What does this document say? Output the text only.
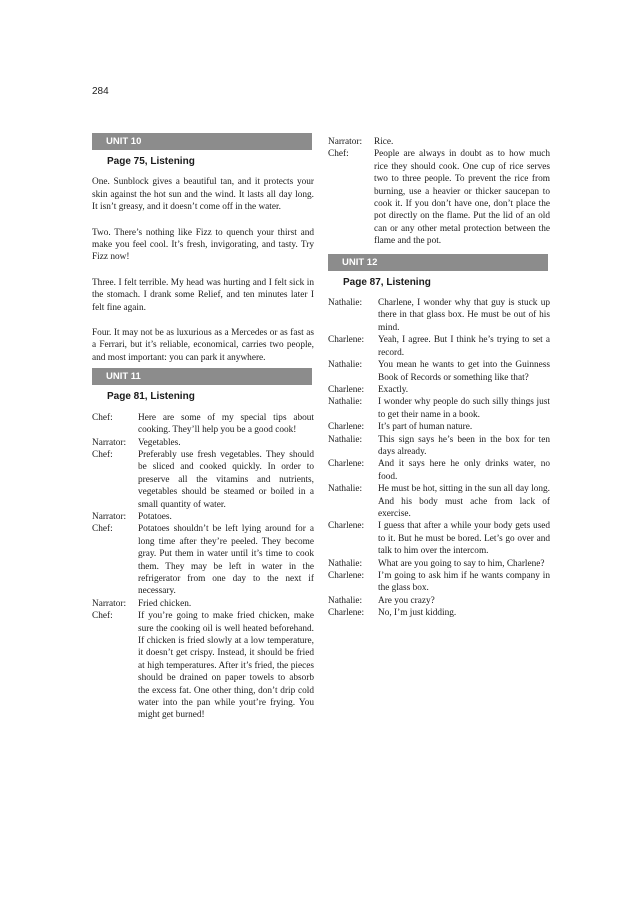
284
UNIT 10
Page 75, Listening

One. Sunblock gives a beautiful tan, and it protects your skin against the hot sun and the wind. It lasts all day long. It isn’t greasy, and it doesn’t come off in the water.

Two. There’s nothing like Fizz to quench your thirst and make you feel cool. It’s fresh, invigorating, and tasty. Try Fizz now!

Three. I felt terrible. My head was hurting and I felt sick in the stomach. I drank some Relief, and ten minutes later I felt fine again.

Four. It may not be as luxurious as a Mercedes or as fast as a Ferrari, but it’s reliable, economical, carries two people, and most important: you can park it anywhere.

UNIT 11
Page 81, Listening
Chef:	Here are some of my special tips about cooking. They’ll help you be a good cook!
Narrator:	Vegetables.
Chef:	Preferably use fresh vegetables. They should be sliced and cooked quickly. In order to preserve all the vitamins and nutrients, vegetables should be steamed or boiled in a small quantity of water.
Narrator:	Potatoes.
Chef:	Potatoes shouldn’t be left lying around for a long time after they’re peeled. They become gray. Put them in water until it’s time to cook them. They may be left in water in the refrigerator from one day to the next if necessary.
Narrator:	Fried chicken.
Chef:	If you’re going to make fried chicken, make sure the cooking oil is well heated beforehand. If chicken is fried slowly at a low temperature, it doesn’t get crispy. Instead, it should be fried at high temperatures. After it’s fried, the pieces should be drained on paper towels to absorb the excess fat. One other thing, don’t drip cold water into the pan while yout’re frying. You might get burned!
Narrator:	Rice.
Chef:	People are always in doubt as to how much rice they should cook. One cup of rice serves two to three people. To prevent the rice from burning, use a heavier or thicker saucepan to cook it. If you don’t have one, don’t place the pot directly on the flame. Put the lid of an old can or any other metal protection between the flame and the pot.
UNIT 12
Page 87, Listening
Nathalie:	Charlene, I wonder why that guy is stuck up there in that glass box. He must be out of his mind.
Charlene:	Yeah, I agree. But I think he’s trying to set a record.
Nathalie:	You mean he wants to get into the Guinness Book of Records or something like that?
Charlene:	Exactly.
Nathalie:	I wonder why people do such silly things just to get their name in a book.
Charlene:	It’s part of human nature.
Nathalie:	This sign says he’s been in the box for ten days already.
Charlene:	And it says here he only drinks water, no food.
Nathalie:	He must be hot, sitting in the sun all day long. And his body must ache from lack of exercise.
Charlene:	I guess that after a while your body gets used to it. But he must be bored. Let’s go over and talk to him over the intercom.
Nathalie:	What are you going to say to him, Charlene?
Charlene:	I’m going to ask him if he wants company in the glass box.
Nathalie:	Are you crazy?
Charlene:	No, I’m just kidding.
